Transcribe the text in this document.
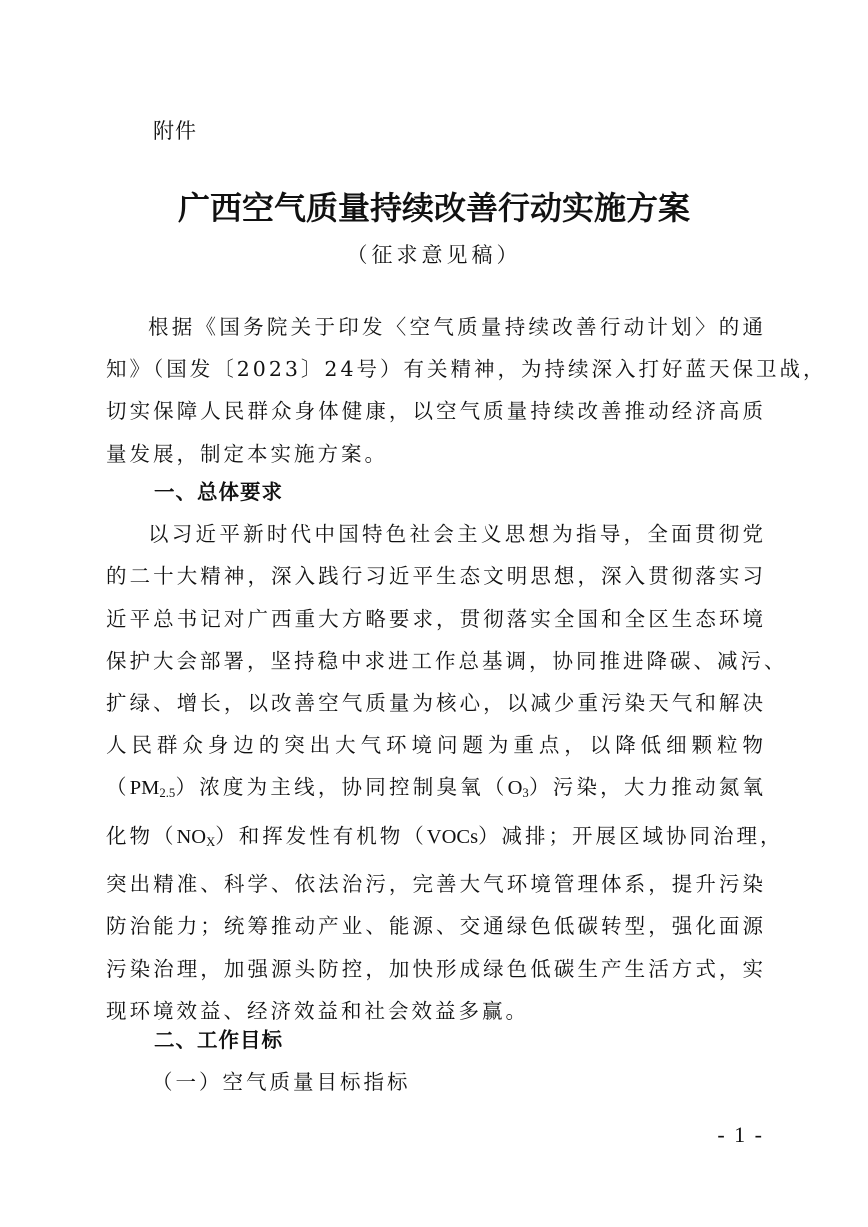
附件
广西空气质量持续改善行动实施方案
（征求意见稿）
根据《国务院关于印发〈空气质量持续改善行动计划〉的通
知》（国发〔2023〕24号）有关精神，为持续深入打好蓝天保卫战，
切实保障人民群众身体健康，以空气质量持续改善推动经济高质
量发展，制定本实施方案。
一、总体要求
以习近平新时代中国特色社会主义思想为指导，全面贯彻党
的二十大精神，深入践行习近平生态文明思想，深入贯彻落实习
近平总书记对广西重大方略要求，贯彻落实全国和全区生态环境
保护大会部署，坚持稳中求进工作总基调，协同推进降碳、减污、
扩绿、增长，以改善空气质量为核心，以减少重污染天气和解决
人民群众身边的突出大气环境问题为重点，以降低细颗粒物
$(PM_{2.5})$浓度为主线，协同控制臭氧$(O_3)$污染，大力推动氮氧
化物$(NO_X)$和挥发性有机物（VOCs）减排；开展区域协同治理，
突出精准、科学、依法治污，完善大气环境管理体系，提升污染
防治能力；统筹推动产业、能源、交通绿色低碳转型，强化面源
污染治理，加强源头防控，加快形成绿色低碳生产生活方式，实
现环境效益、经济效益和社会效益多赢。
二、工作目标
（一）空气质量目标指标
- 1 -
